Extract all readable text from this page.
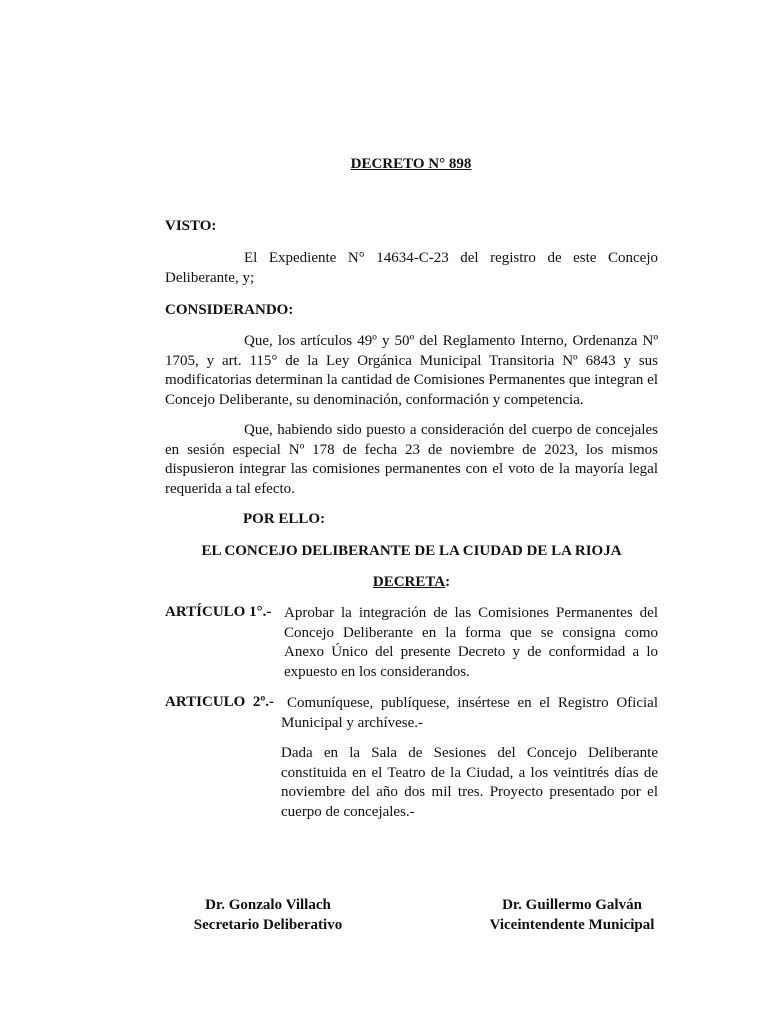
DECRETO N° 898
VISTO:
El Expediente N° 14634-C-23 del registro de este Concejo Deliberante, y;
CONSIDERANDO:
Que, los artículos 49º y 50º del Reglamento Interno, Ordenanza Nº 1705, y art. 115° de la Ley Orgánica Municipal Transitoria Nº 6843 y sus modificatorias determinan la cantidad de Comisiones Permanentes que integran el Concejo Deliberante, su denominación, conformación y competencia.
Que, habiendo sido puesto a consideración del cuerpo de concejales en sesión especial Nº 178 de fecha 23 de noviembre de 2023, los mismos dispusieron integrar las comisiones permanentes con el voto de la mayoría legal requerida a tal efecto.
POR ELLO:
EL CONCEJO DELIBERANTE DE LA CIUDAD DE LA RIOJA
DECRETA:
ARTÍCULO 1°.- Aprobar la integración de las Comisiones Permanentes del Concejo Deliberante en la forma que se consigna como Anexo Único del presente Decreto y de conformidad a lo expuesto en los considerandos.
ARTICULO  2º.- Comuníquese, publíquese, insértese en el Registro Oficial Municipal y archívese.-
Dada en la Sala de Sesiones del Concejo Deliberante constituida en el Teatro de la Ciudad, a los veintitrés días de noviembre del año dos mil tres. Proyecto presentado por el cuerpo de concejales.-
Dr. Gonzalo Villach
Secretario Deliberativo
Dr. Guillermo Galván
Viceintendente Municipal
